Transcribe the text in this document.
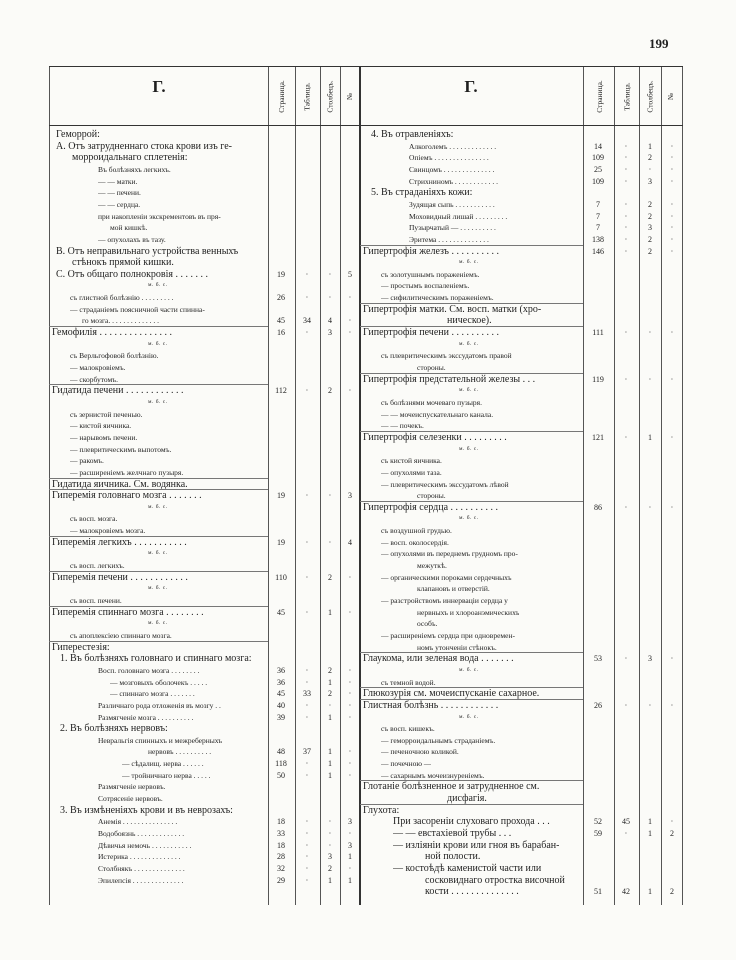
199
Г.	Г.
Страница. Таблица. Столбецъ. №	Страница.	Таблица. Столбецъ. №
Геморрой:
А. Отъ затрудненнаго стока крови изъ ге-
морроидальнаго сплетенія:
Въ болѣзняхъ легкихъ.
— — матки.
— — печени.
— — сердца.
при накопленіи экскрементовъ въ пря-
мой кишкѣ.
— опухолахъ въ тазу.
В. Отъ неправильнаго устройства венныхъ
стѣнокъ прямой кишки.
С. Отъ общаго полнокровія . . . . . . .	19	·	·	5
м. б. с.
съ глистной болѣзнію . . . . . . . . .	26	·	·	·
— страданіемъ поясничной части спинна-
го мозга. . . . . . . . . . . . . .	45	34	4	·
Гемофилія . . . . . . . . . . . . . . .	16	·	3	·
м. б. с.
съ Верльгофовой болѣзнію.
— малокровіемъ.
— скорбутомъ.
Гидатида печени . . . . . . . . . . . .	112	·	2	·
м. б. с.
съ зернистой печенью.
— кистой яичника.
— нарывомъ печени.
— плевритическимъ выпотомъ.
— ракомъ.
— расширеніемъ желчнаго пузыря.
Гидатида яичника. См. водянка.
Гиперемія головнаго мозга . . . . . . .	19	·	·	3
м. б. с.
съ восп. мозга.
— малокровіемъ мозга.
Гиперемія легкихъ . . . . . . . . . . .	19	·	·	4
м. б. с.
съ восп. легкихъ.
Гиперемія печени . . . . . . . . . . . .	110	·	2	·
м. б. с.
съ восп. печени.
Гиперемія спиннаго мозга . . . . . . . .	45	·	1	·
м. б. с.
съ апоплексіею спиннаго мозга.
Гиперестезія:
1. Въ болѣзняхъ головнаго и спиннаго мозга:
Восп. головнаго мозга . . . . . . . .	36	·	2	·
— мозговыхъ оболочекъ . . . . .	36	·	1	·
— спиннаго мозга . . . . . . .	45	33	2	·
Различнаго рода отложенія въ мозгу . .	40	·	·	·
Размягченіе мозга . . . . . . . . . .	39	·	1	·
2. Въ болѣзняхъ нервовъ:
Невральгія спинныхъ и межреберныхъ
нервовъ . . . . . . . . . .	48	37	1	·
— сѣдалищ. нерва . . . . . .	118	·	1	·
— тройничнаго нерва . . . . .	50	·	1	·
Размягченіе нервовъ.
Сотрясеніе нервовъ.
3. Въ измѣненіяхъ крови и въ неврозахъ:
Анемія . . . . . . . . . . . . . . .	18	·	·	3
Водобоязнь . . . . . . . . . . . . .	33	·	·	·
Дѣвичья немочь . . . . . . . . . . .	18	·	·	3
Истерика . . . . . . . . . . . . . .	28	·	3	1
Столбнякъ . . . . . . . . . . . . . .	32	·	2	·
Эпилепсія . . . . . . . . . . . . . .	29	·	1	1
4. Въ отравленіяхъ:
Алкоголемъ . . . . . . . . . . . . .	14	·	1	·
Опіемъ . . . . . . . . . . . . . . .	109	·	2	·
Свинцомъ . . . . . . . . . . . . . .	25	·	·	·
Стрихниномъ . . . . . . . . . . . .	109	·	3	·
5. Въ страданіяхъ кожи:
Зудящая сыпь . . . . . . . . . . .	7	·	2	·
Моховидный лишай . . . . . . . . .	7	·	2	·
Пузырчатый — . . . . . . . . . .	7	·	3	·
Эритема . . . . . . . . . . . . . .	138	·	2	·
Гипертрофія железъ . . . . . . . . . .	146	·	2	·
м. б. с.
съ золотушнымъ пораженіемъ.
— простымъ воспаленіемъ.
— сифилитическимъ пораженіемъ.
Гипертрофія матки. См. восп. матки (хро-
ническое).
Гипертрофія печени . . . . . . . . . .	111	·	·	·
м. б. с.
съ плевритическимъ экссудатомъ правой
стороны.
Гипертрофія предстательной железы . . .	119	·	·	·
м. б. с.
съ болѣзнями мочеваго пузыря.
— — мочеиспускательнаго канала.
— — почекъ.
Гипертрофія селезенки . . . . . . . . .	121	·	1	·
м. б. с.
съ кистой яичника.
— опухолями таза.
— плевритическимъ экссудатомъ лѣвой
стороны.
Гипертрофія сердца . . . . . . . . . .	86	·	·	·
м. б. с.
съ воздушной грудью.
— восп. околосердія.
— опухолями въ переднемъ грудномъ про-
межуткѣ.
— органическими пороками сердечныхъ
клапановъ и отверстій.
— разстройствомъ иннерваціи сердца у
нервныхъ и хлороанэмическихъ
особъ.
— расширеніемъ сердца при одновремен-
номъ утонченіи стѣнокъ.
Глаукома, или зеленая вода . . . . . . .	53	·	3	·
м. б. с.
съ темной водой.
Глюкозурія см. мочеиспусканіе сахарное.
Глистная болѣзнь . . . . . . . . . . . .	26	·	·	·
м. б. с.
съ восп. кишекъ.
— геморроидальнымъ страданіемъ.
— печеночною коликой.
— почечною —
— сахарнымъ мочеизнуреніемъ.
Глотаніе болѣзненное и затрудненное см.
дисфагія.
Глухота:
При засореніи слуховаго прохода . . .	52	45	1	·
— — евстахіевой трубы . . .	59	·	1	2
— изліяніи крови или гноя въ барабан-
ной полости.
— костоѣдѣ каменистой части или
сосковиднаго отростка височной
кости . . . . . . . . . . . . . .	51	42	1	2
